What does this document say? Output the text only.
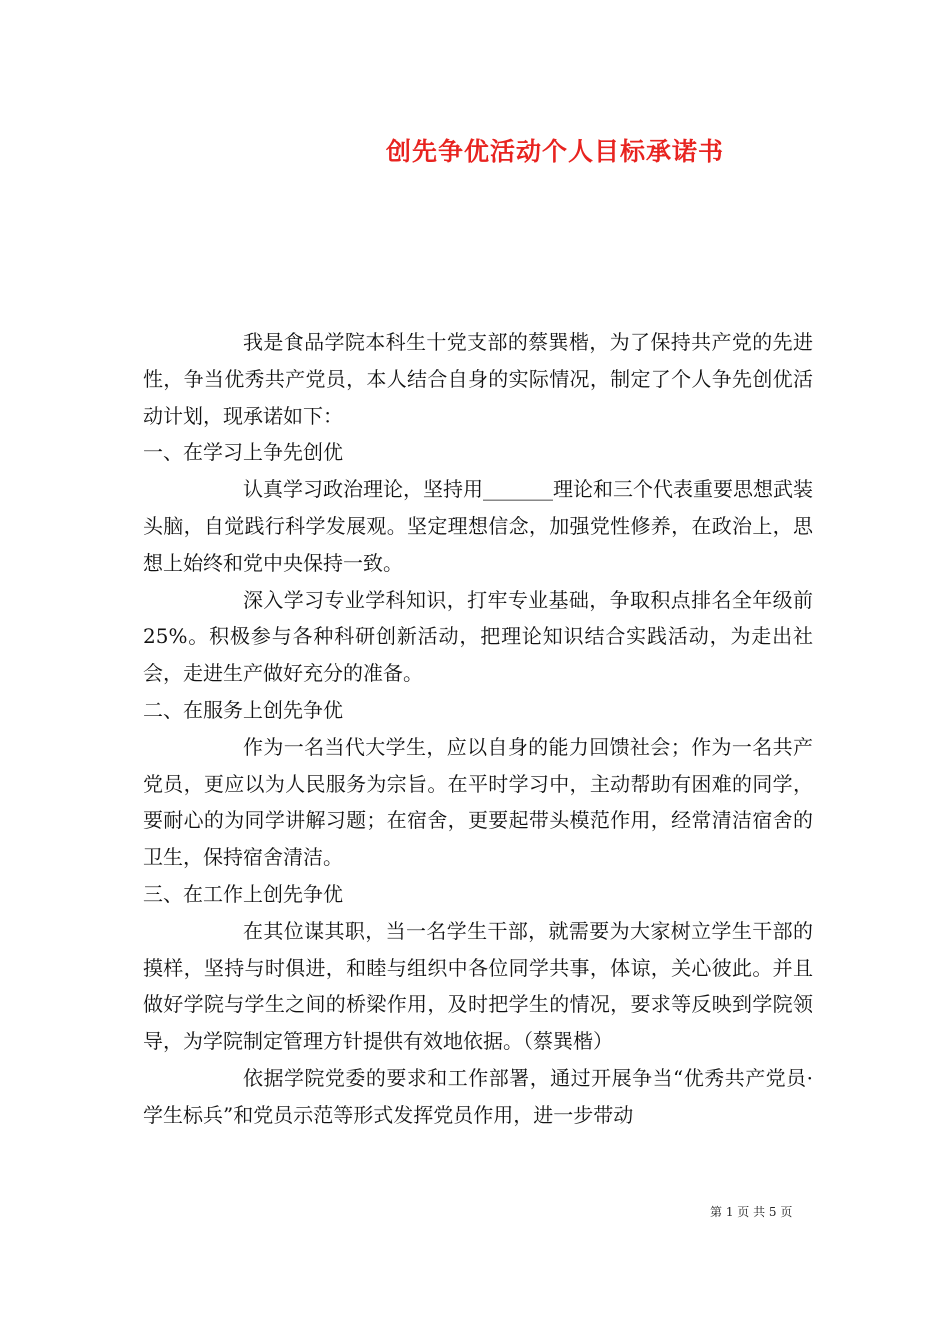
创先争优活动个人目标承诺书

我是食品学院本科生十党支部的蔡巽楷，为了保持共产党的先进性，争当优秀共产党员，本人结合自身的实际情况，制定了个人争先创优活动计划，现承诺如下：

一、在学习上争先创优

认真学习政治理论，坚持用_______理论和三个代表重要思想武装头脑，自觉践行科学发展观。坚定理想信念，加强党性修养，在政治上，思想上始终和党中央保持一致。

深入学习专业学科知识，打牢专业基础，争取积点排名全年级前25%。积极参与各种科研创新活动，把理论知识结合实践活动，为走出社会，走进生产做好充分的准备。

二、在服务上创先争优

作为一名当代大学生，应以自身的能力回馈社会；作为一名共产党员，更应以为人民服务为宗旨。在平时学习中，主动帮助有困难的同学，要耐心的为同学讲解习题；在宿舍，更要起带头模范作用，经常清洁宿舍的卫生，保持宿舍清洁。

三、在工作上创先争优

在其位谋其职，当一名学生干部，就需要为大家树立学生干部的摸样，坚持与时俱进，和睦与组织中各位同学共事，体谅，关心彼此。并且做好学院与学生之间的桥梁作用，及时把学生的情况，要求等反映到学院领导，为学院制定管理方针提供有效地依据。（蔡巽楷）

依据学院党委的要求和工作部署，通过开展争当“优秀共产党员·学生标兵”和党员示范等形式发挥党员作用，进一步带动

第 1 页 共 5 页
